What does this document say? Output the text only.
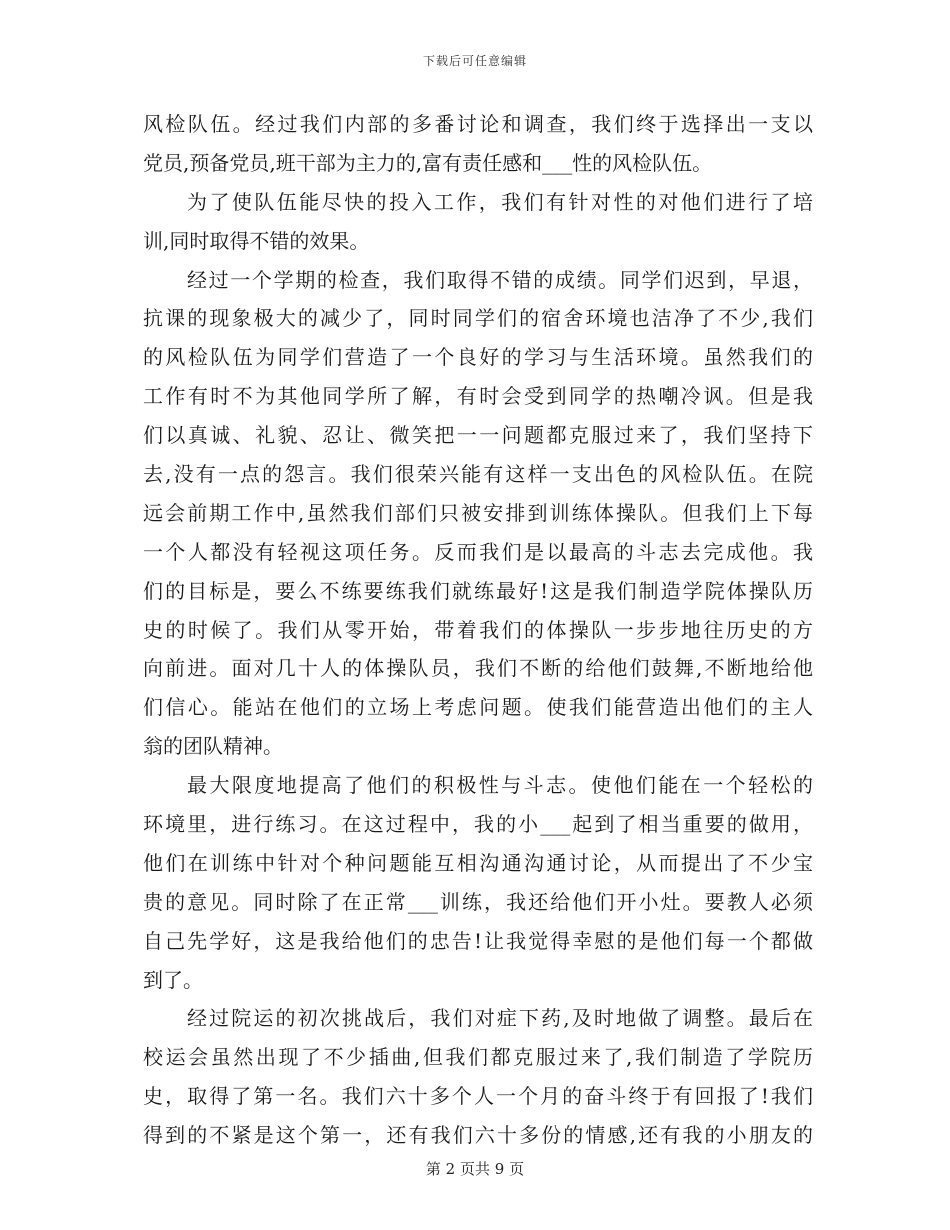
下载后可任意编辑
风检队伍。经过我们内部的多番讨论和调查，我们终于选择出一支以
党员,预备党员,班干部为主力的,富有责任感和___性的风检队伍。
为了使队伍能尽快的投入工作，我们有针对性的对他们进行了培
训,同时取得不错的效果。
经过一个学期的检查，我们取得不错的成绩。同学们迟到，早退，
抗课的现象极大的减少了，同时同学们的宿舍环境也洁净了不少,我们
的风检队伍为同学们营造了一个良好的学习与生活环境。虽然我们的
工作有时不为其他同学所了解，有时会受到同学的热嘲冷讽。但是我
们以真诚、礼貌、忍让、微笑把一一问题都克服过来了，我们坚持下
去,没有一点的怨言。我们很荣兴能有这样一支出色的风检队伍。在院
远会前期工作中,虽然我们部们只被安排到训练体操队。但我们上下每
一个人都没有轻视这项任务。反而我们是以最高的斗志去完成他。我
们的目标是，要么不练要练我们就练最好!这是我们制造学院体操队历
史的时候了。我们从零开始，带着我们的体操队一步步地往历史的方
向前进。面对几十人的体操队员，我们不断的给他们鼓舞,不断地给他
们信心。能站在他们的立场上考虑问题。使我们能营造出他们的主人
翁的团队精神。
最大限度地提高了他们的积极性与斗志。使他们能在一个轻松的
环境里，进行练习。在这过程中，我的小___起到了相当重要的做用，
他们在训练中针对个种问题能互相沟通沟通讨论，从而提出了不少宝
贵的意见。同时除了在正常___训练，我还给他们开小灶。要教人必须
自己先学好，这是我给他们的忠告!让我觉得幸慰的是他们每一个都做
到了。
经过院运的初次挑战后，我们对症下药,及时地做了调整。最后在
校运会虽然出现了不少插曲,但我们都克服过来了,我们制造了学院历
史，取得了第一名。我们六十多个人一个月的奋斗终于有回报了!我们
得到的不紧是这个第一，还有我们六十多份的情感,还有我的小朋友的
第 2 页共 9 页
